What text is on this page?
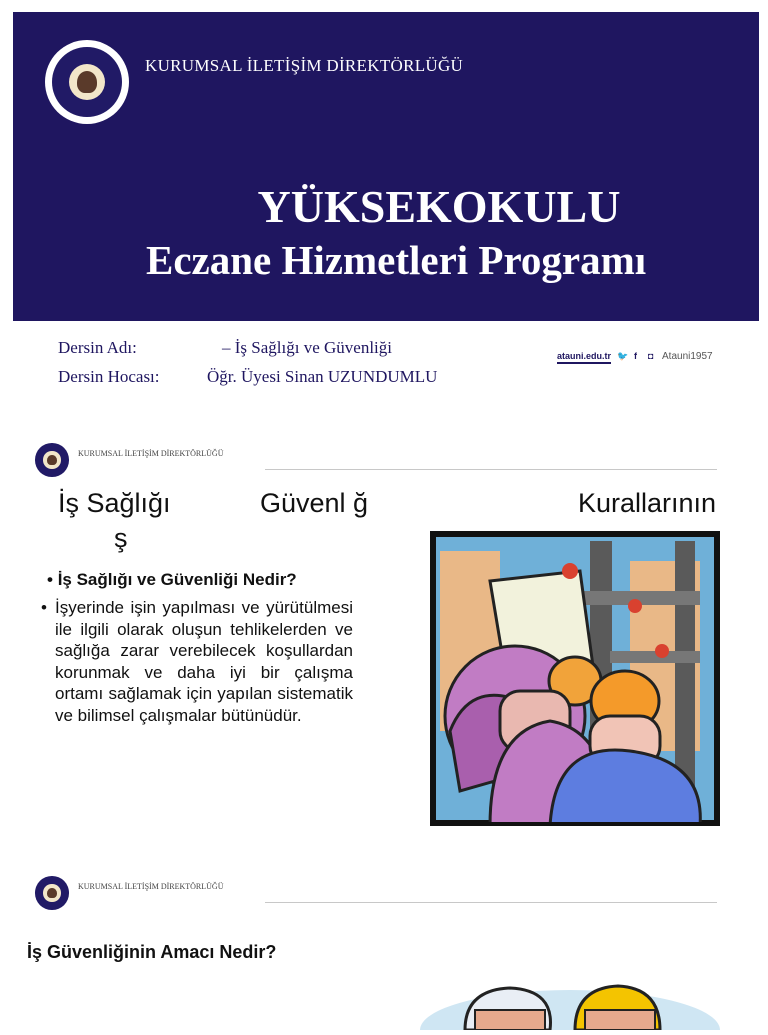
KURUMSAL İLETİŞİM DİREKTÖRLÜĞÜ
YÜKSEKOKULU
Eczane Hizmetleri Programı
Dersin Adı:	– İş Sağlığı ve Güvenliği
Dersin Hocası:	Öğr. Üyesi Sinan UZUNDUMLU
atauni.edu.tr 🐦 f ◘ Atauni1957
KURUMSAL İLETİŞİM DİREKTÖRLÜĞÜ
İş Sağlığı	Güvenl ğ	Kurallarının
ş
• İş Sağlığı ve Güvenliği Nedir?
• İşyerinde işin yapılması ve yürütülmesi ile ilgili olarak oluşun tehlikelerden ve sağlığa zarar verebilecek koşullardan korunmak ve daha iyi bir çalışma ortamı sağlamak için yapılan sistematik ve bilimsel çalışmalar bütünüdür.
KURUMSAL İLETİŞİM DİREKTÖRLÜĞÜ
İş Güvenliğinin Amacı Nedir?
